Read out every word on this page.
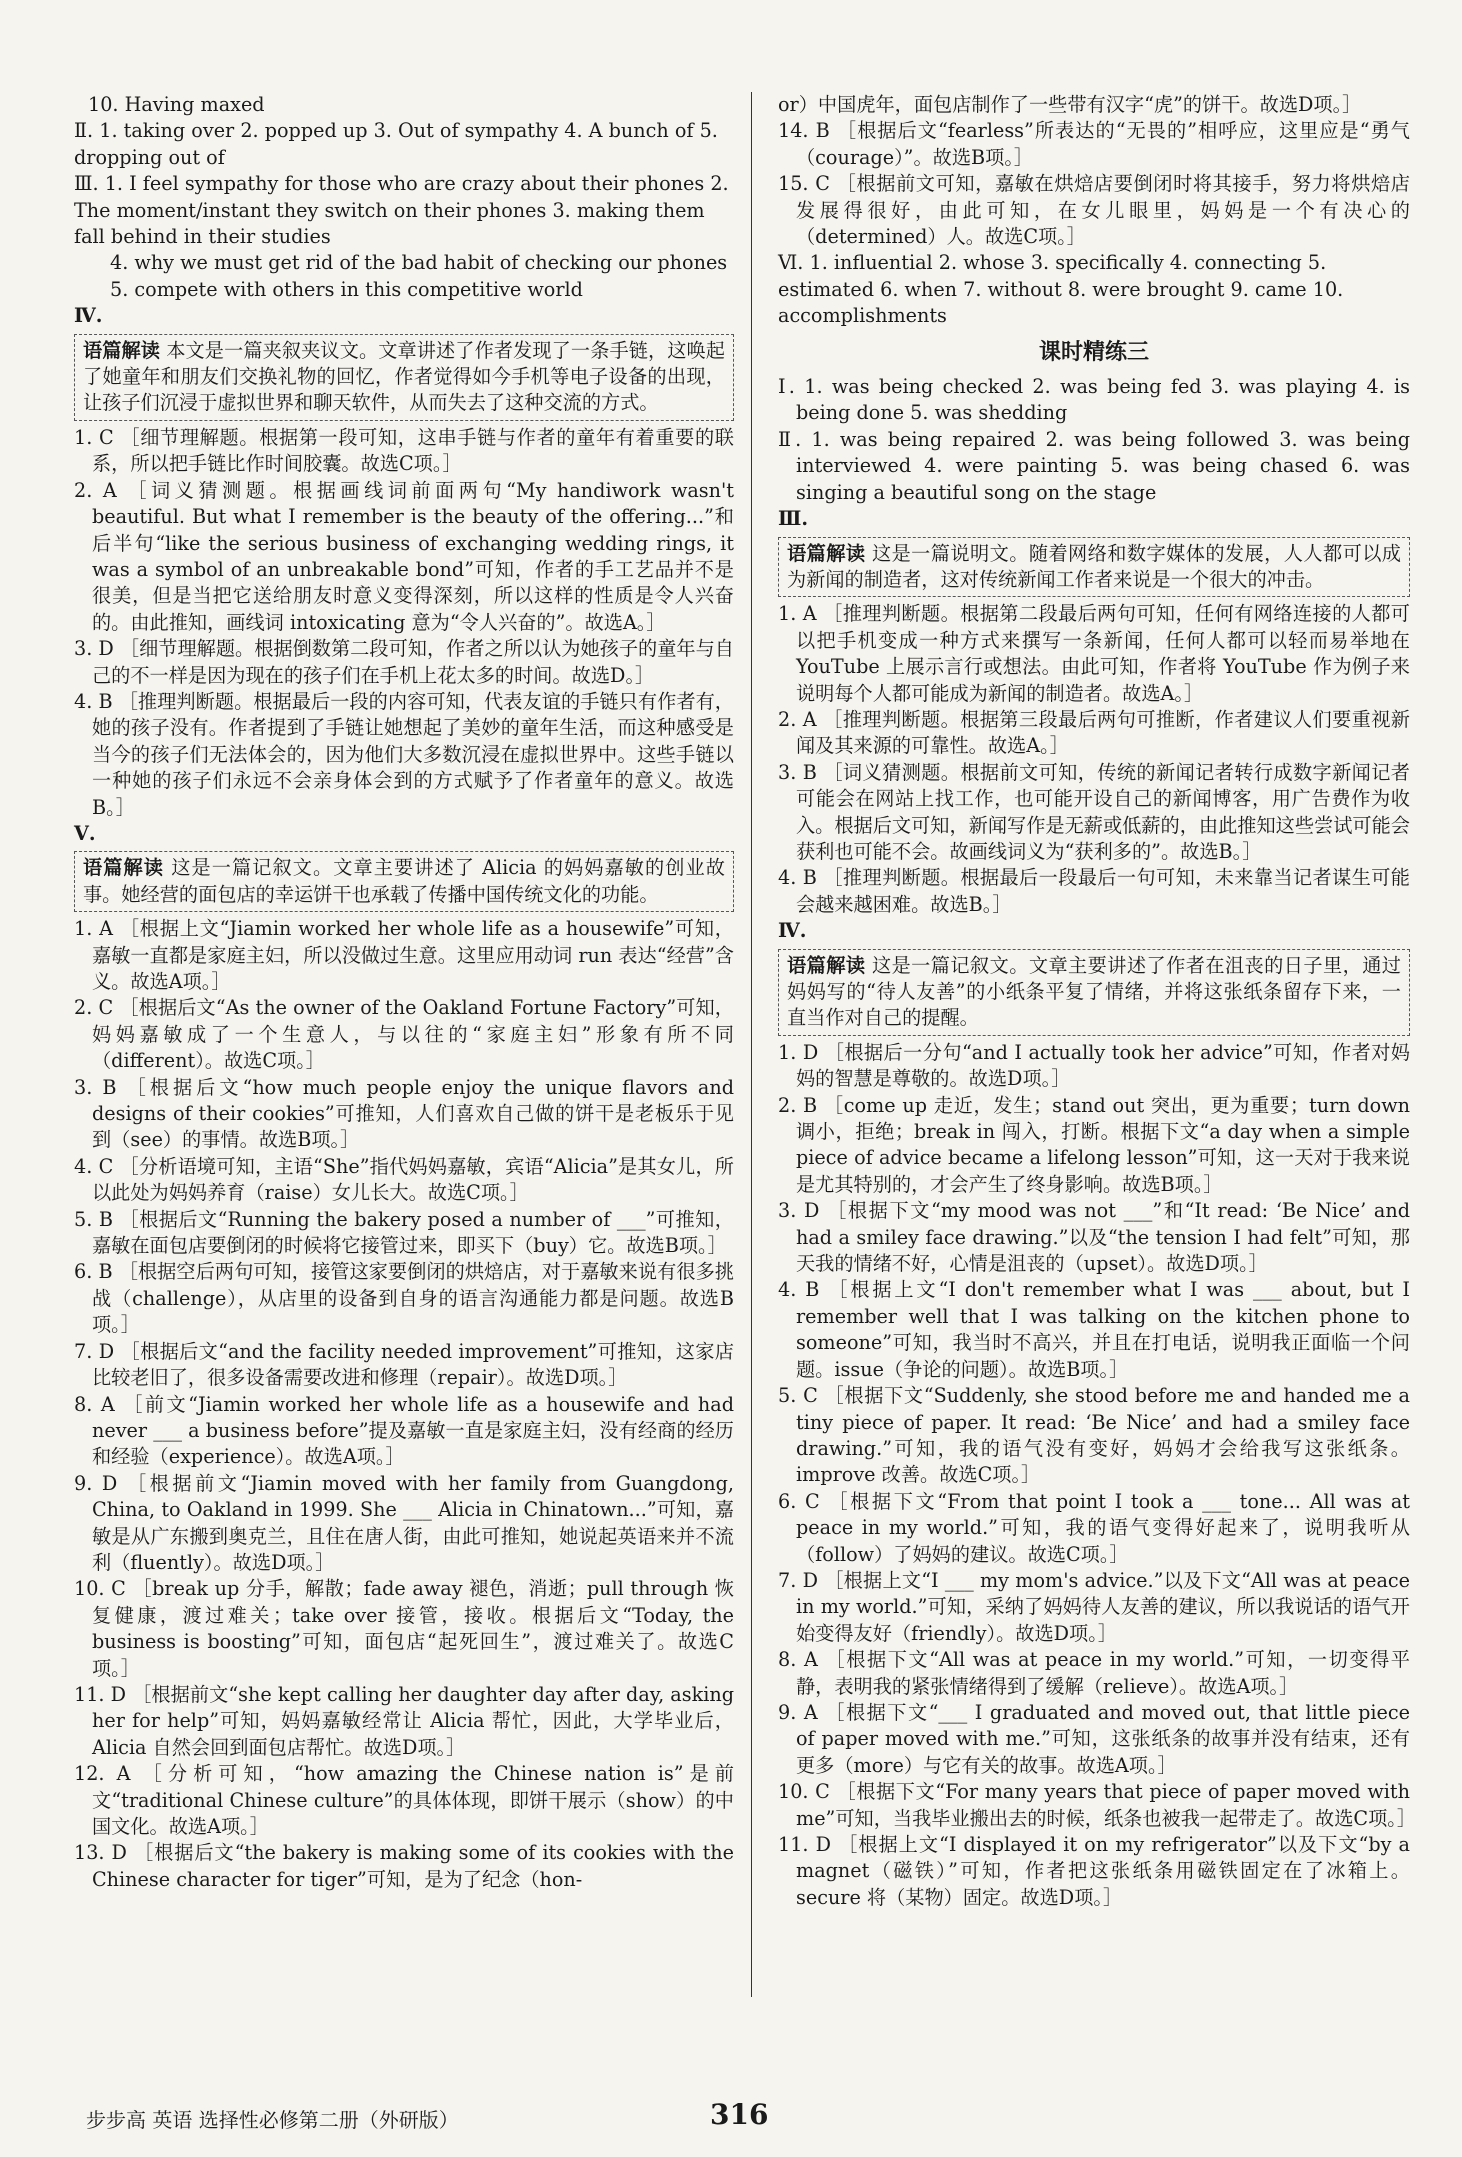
10. Having maxed
Ⅱ. 1. taking over 2. popped up 3. Out of sympathy 4. A bunch of 5. dropping out of
Ⅲ. 1. I feel sympathy for those who are crazy about their phones 2. The moment/instant they switch on their phones 3. making them fall behind in their studies
4. why we must get rid of the bad habit of checking our phones
5. compete with others in this competitive world
Ⅳ.
语篇解读 本文是一篇夹叙夹议文。文章讲述了作者发现了一条手链，这唤起了她童年和朋友们交换礼物的回忆，作者觉得如今手机等电子设备的出现，让孩子们沉浸于虚拟世界和聊天软件，从而失去了这种交流的方式。
1. C ［细节理解题。根据第一段可知，这串手链与作者的童年有着重要的联系，所以把手链比作时间胶囊。故选C项。］
2. A ［词义猜测题。根据画线词前面两句“My handiwork wasn't beautiful. But what I remember is the beauty of the offering...”和后半句“like the serious business of exchanging wedding rings, it was a symbol of an unbreakable bond”可知，作者的手工艺品并不是很美，但是当把它送给朋友时意义变得深刻，所以这样的性质是令人兴奋的。由此推知，画线词 intoxicating 意为“令人兴奋的”。故选A。］
3. D ［细节理解题。根据倒数第二段可知，作者之所以认为她孩子的童年与自己的不一样是因为现在的孩子们在手机上花太多的时间。故选D。］
4. B ［推理判断题。根据最后一段的内容可知，代表友谊的手链只有作者有，她的孩子没有。作者提到了手链让她想起了美妙的童年生活，而这种感受是当今的孩子们无法体会的，因为他们大多数沉浸在虚拟世界中。这些手链以一种她的孩子们永远不会亲身体会到的方式赋予了作者童年的意义。故选B。］
Ⅴ.
语篇解读 这是一篇记叙文。文章主要讲述了 Alicia 的妈妈嘉敏的创业故事。她经营的面包店的幸运饼干也承载了传播中国传统文化的功能。
1. A ［根据上文“Jiamin worked her whole life as a housewife”可知，嘉敏一直都是家庭主妇，所以没做过生意。这里应用动词 run 表达“经营”含义。故选A项。］
2. C ［根据后文“As the owner of the Oakland Fortune Factory”可知，妈妈嘉敏成了一个生意人，与以往的“家庭主妇”形象有所不同（different）。故选C项。］
3. B ［根据后文“how much people enjoy the unique flavors and designs of their cookies”可推知，人们喜欢自己做的饼干是老板乐于见到（see）的事情。故选B项。］
4. C ［分析语境可知，主语“She”指代妈妈嘉敏，宾语“Alicia”是其女儿，所以此处为妈妈养育（raise）女儿长大。故选C项。］
5. B ［根据后文“Running the bakery posed a number of ___”可推知，嘉敏在面包店要倒闭的时候将它接管过来，即买下（buy）它。故选B项。］
6. B ［根据空后两句可知，接管这家要倒闭的烘焙店，对于嘉敏来说有很多挑战（challenge），从店里的设备到自身的语言沟通能力都是问题。故选B项。］
7. D ［根据后文“and the facility needed improvement”可推知，这家店比较老旧了，很多设备需要改进和修理（repair）。故选D项。］
8. A ［前文“Jiamin worked her whole life as a housewife and had never ___ a business before”提及嘉敏一直是家庭主妇，没有经商的经历和经验（experience）。故选A项。］
9. D ［根据前文“Jiamin moved with her family from Guangdong, China, to Oakland in 1999. She ___ Alicia in Chinatown...”可知，嘉敏是从广东搬到奥克兰，且住在唐人街，由此可推知，她说起英语来并不流利（fluently）。故选D项。］
10. C ［break up 分手，解散；fade away 褪色，消逝；pull through 恢复健康，渡过难关；take over 接管，接收。根据后文“Today, the business is boosting”可知，面包店“起死回生”，渡过难关了。故选C项。］
11. D ［根据前文“she kept calling her daughter day after day, asking her for help”可知，妈妈嘉敏经常让 Alicia 帮忙，因此，大学毕业后，Alicia 自然会回到面包店帮忙。故选D项。］
12. A ［分析可知，“how amazing the Chinese nation is”是前文“traditional Chinese culture”的具体体现，即饼干展示（show）的中国文化。故选A项。］
13. D ［根据后文“the bakery is making some of its cookies with the Chinese character for tiger”可知，是为了纪念（hon-
or）中国虎年，面包店制作了一些带有汉字“虎”的饼干。故选D项。］
14. B ［根据后文“fearless”所表达的“无畏的”相呼应，这里应是“勇气（courage）”。故选B项。］
15. C ［根据前文可知，嘉敏在烘焙店要倒闭时将其接手，努力将烘焙店发展得很好，由此可知，在女儿眼里，妈妈是一个有决心的（determined）人。故选C项。］
Ⅵ. 1. influential 2. whose 3. specifically 4. connecting 5. estimated 6. when 7. without 8. were brought 9. came 10. accomplishments
课时精练三
Ⅰ. 1. was being checked 2. was being fed 3. was playing 4. is being done 5. was shedding
Ⅱ. 1. was being repaired 2. was being followed 3. was being interviewed 4. were painting 5. was being chased 6. was singing a beautiful song on the stage
Ⅲ.
语篇解读 这是一篇说明文。随着网络和数字媒体的发展，人人都可以成为新闻的制造者，这对传统新闻工作者来说是一个很大的冲击。
1. A ［推理判断题。根据第二段最后两句可知，任何有网络连接的人都可以把手机变成一种方式来撰写一条新闻，任何人都可以轻而易举地在 YouTube 上展示言行或想法。由此可知，作者将 YouTube 作为例子来说明每个人都可能成为新闻的制造者。故选A。］
2. A ［推理判断题。根据第三段最后两句可推断，作者建议人们要重视新闻及其来源的可靠性。故选A。］
3. B ［词义猜测题。根据前文可知，传统的新闻记者转行成数字新闻记者可能会在网站上找工作，也可能开设自己的新闻博客，用广告费作为收入。根据后文可知，新闻写作是无薪或低薪的，由此推知这些尝试可能会获利也可能不会。故画线词义为“获利多的”。故选B。］
4. B ［推理判断题。根据最后一段最后一句可知，未来靠当记者谋生可能会越来越困难。故选B。］
Ⅳ.
语篇解读 这是一篇记叙文。文章主要讲述了作者在沮丧的日子里，通过妈妈写的“待人友善”的小纸条平复了情绪，并将这张纸条留存下来，一直当作对自己的提醒。
1. D ［根据后一分句“and I actually took her advice”可知，作者对妈妈的智慧是尊敬的。故选D项。］
2. B ［come up 走近，发生；stand out 突出，更为重要；turn down 调小，拒绝；break in 闯入，打断。根据下文“a day when a simple piece of advice became a lifelong lesson”可知，这一天对于我来说是尤其特别的，才会产生了终身影响。故选B项。］
3. D ［根据下文“my mood was not ___”和“It read: ‘Be Nice’ and had a smiley face drawing.”以及“the tension I had felt”可知，那天我的情绪不好，心情是沮丧的（upset）。故选D项。］
4. B ［根据上文“I don't remember what I was ___ about, but I remember well that I was talking on the kitchen phone to someone”可知，我当时不高兴，并且在打电话，说明我正面临一个问题。issue（争论的问题）。故选B项。］
5. C ［根据下文“Suddenly, she stood before me and handed me a tiny piece of paper. It read: ‘Be Nice’ and had a smiley face drawing.”可知，我的语气没有变好，妈妈才会给我写这张纸条。improve 改善。故选C项。］
6. C ［根据下文“From that point I took a ___ tone... All was at peace in my world.”可知，我的语气变得好起来了，说明我听从（follow）了妈妈的建议。故选C项。］
7. D ［根据上文“I ___ my mom's advice.”以及下文“All was at peace in my world.”可知，采纳了妈妈待人友善的建议，所以我说话的语气开始变得友好（friendly）。故选D项。］
8. A ［根据下文“All was at peace in my world.”可知，一切变得平静，表明我的紧张情绪得到了缓解（relieve）。故选A项。］
9. A ［根据下文“___ I graduated and moved out, that little piece of paper moved with me.”可知，这张纸条的故事并没有结束，还有更多（more）与它有关的故事。故选A项。］
10. C ［根据下文“For many years that piece of paper moved with me”可知，当我毕业搬出去的时候，纸条也被我一起带走了。故选C项。］
11. D ［根据上文“I displayed it on my refrigerator”以及下文“by a magnet（磁铁）”可知，作者把这张纸条用磁铁固定在了冰箱上。secure 将（某物）固定。故选D项。］
步步高 英语 选择性必修第二册（外研版）	316
